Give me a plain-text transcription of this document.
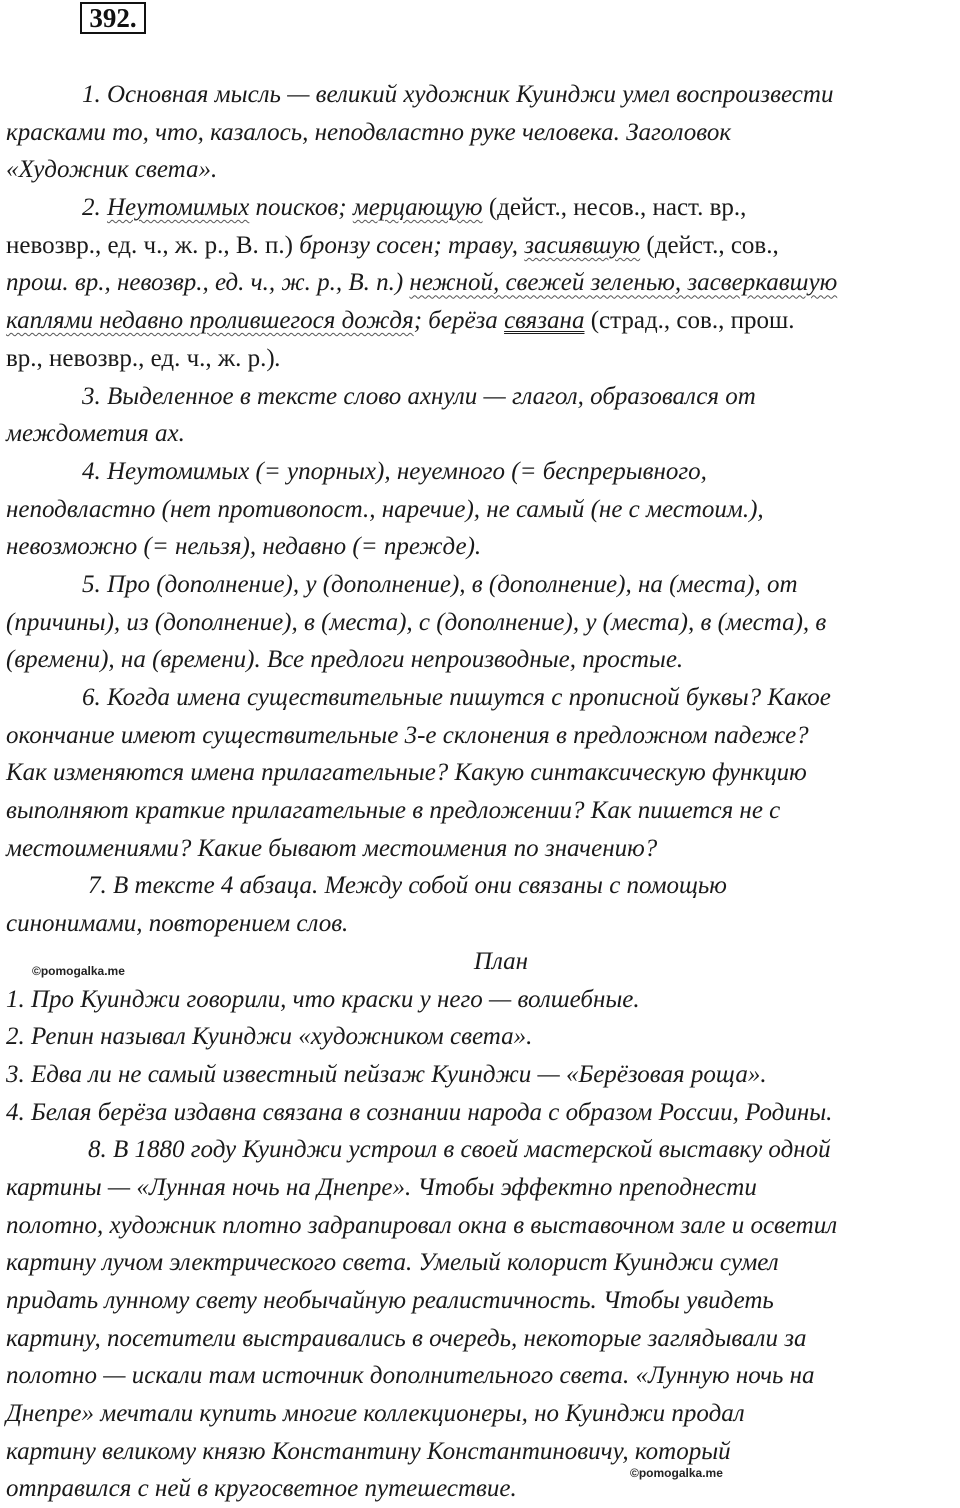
392.
1. Основная мысль — великий художник Куинджи умел воспроизвести
красками то, что, казалось, неподвластно руке человека. Заголовок
«Художник света».
2. Неутомимых поисков; мерцающую (дейст., несов., наст. вр.,
невозвр., ед. ч., ж. р., В. п.) бронзу сосен; траву, засиявшую (дейст., сов.,
прош. вр., невозвр., ед. ч., ж. р., В. п.) нежной, свежей зеленью, засверкавшую
каплями недавно пролившегося дождя; берёза связана (страд., сов., прош.
вр., невозвр., ед. ч., ж. р.).
3. Выделенное в тексте слово ахнули — глагол, образовался от
междометия ах.
4. Неутомимых (= упорных), неуемного (= беспрерывного,
неподвластно (нет противопост., наречие), не самый (не с местоим.),
невозможно (= нельзя), недавно (= прежде).
5. Про (дополнение), у (дополнение), в (дополнение), на (места), от
(причины), из (дополнение), в (места), с (дополнение), у (места), в (места), в
(времени), на (времени). Все предлоги непроизводные, простые.
6. Когда имена существительные пишутся с прописной буквы? Какое
окончание имеют существительные 3-е склонения в предложном падеже?
Как изменяются имена прилагательные? Какую синтаксическую функцию
выполняют краткие прилагательные в предложении? Как пишется не с
местоимениями? Какие бывают местоимения по значению?
7. В тексте 4 абзаца. Между собой они связаны с помощью
синонимами, повторением слов.
План
1. Про Куинджи говорили, что краски у него — волшебные.
2. Репин называл Куинджи «художником света».
3. Едва ли не самый известный пейзаж Куинджи — «Берёзовая роща».
4. Белая берёза издавна связана в сознании народа с образом России, Родины.
8. В 1880 году Куинджи устроил в своей мастерской выставку одной
картины — «Лунная ночь на Днепре». Чтобы эффектно преподнести
полотно, художник плотно задрапировал окна в выставочном зале и осветил
картину лучом электрического света. Умелый колорист Куинджи сумел
придать лунному свету необычайную реалистичность. Чтобы увидеть
картину, посетители выстраивались в очередь, некоторые заглядывали за
полотно — искали там источник дополнительного света. «Лунную ночь на
Днепре» мечтали купить многие коллекционеры, но Куинджи продал
картину великому князю Константину Константиновичу, который
отправился с ней в кругосветное путешествие.
©pomogalka.me
©pomogalka.me
